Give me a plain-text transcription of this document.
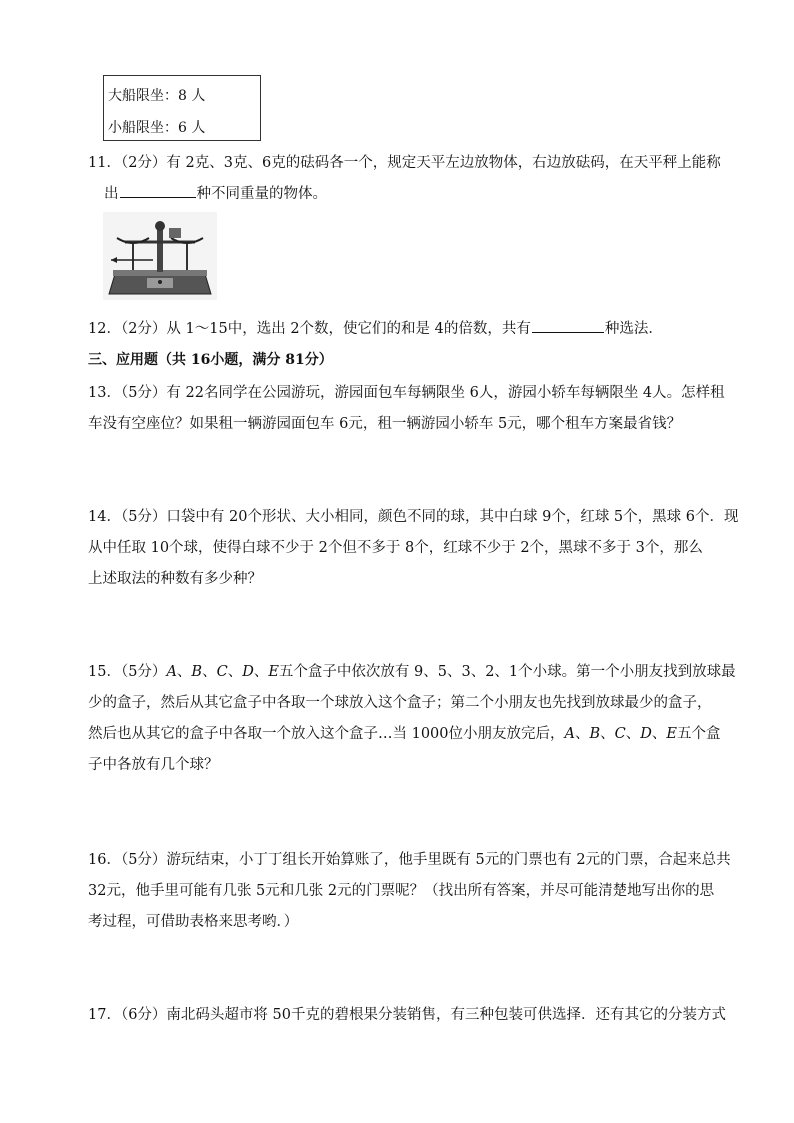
大船限坐：8 人
小船限坐：6 人
11．（2分）有 2克、3克、6克的砝码各一个，规定天平左边放物体，右边放砝码，在天平秤上能称
出	种不同重量的物体。
12．（2分）从 1～15中，选出 2个数，使它们的和是 4的倍数，共有	种选法．
三、应用题（共 16小题，满分 81分）
13．（5分）有 22名同学在公园游玩，游园面包车每辆限坐 6人，游园小轿车每辆限坐 4人。怎样租
车没有空座位？如果租一辆游园面包车 6元，租一辆游园小轿车 5元，哪个租车方案最省钱？
14．（5分）口袋中有 20个形状、大小相同，颜色不同的球，其中白球 9个，红球 5个，黑球 6个．现
从中任取 10个球，使得白球不少于 2个但不多于 8个，红球不少于 2个，黑球不多于 3个，那么
上述取法的种数有多少种？
15．（5分）A、B、C、D、E五个盒子中依次放有 9、5、3、2、1个小球。第一个小朋友找到放球最
少的盒子，然后从其它盒子中各取一个球放入这个盒子；第二个小朋友也先找到放球最少的盒子，
然后也从其它的盒子中各取一个放入这个盒子…当 1000位小朋友放完后，A、B、C、D、E五个盒
子中各放有几个球？
16．（5分）游玩结束，小丁丁组长开始算账了，他手里既有 5元的门票也有 2元的门票，合起来总共
32元，他手里可能有几张 5元和几张 2元的门票呢？（找出所有答案，并尽可能清楚地写出你的思
考过程，可借助表格来思考哟．）
17．（6分）南北码头超市将 50千克的碧根果分装销售，有三种包装可供选择．还有其它的分装方式
